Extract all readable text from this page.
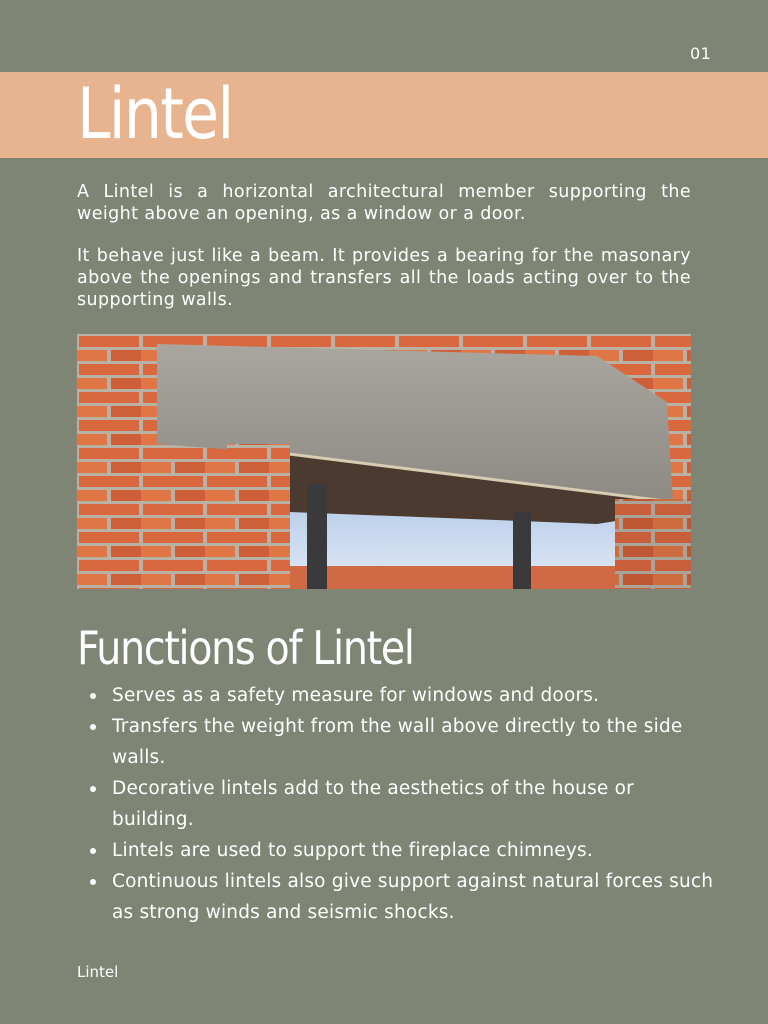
01
Lintel

A Lintel is a horizontal architectural member supporting the weight above an opening, as a window or a door.

It behave just like a beam. It provides a bearing for the masonary above the openings and transfers all the loads acting over to the supporting walls.

Functions of Lintel
Serves as a safety measure for windows and doors.
Transfers the weight from the wall above directly to the side walls.
Decorative lintels add to the aesthetics of the house or building.
Lintels are used to support the fireplace chimneys.
Continuous lintels also give support against natural forces such as strong winds and seismic shocks.
Lintel
